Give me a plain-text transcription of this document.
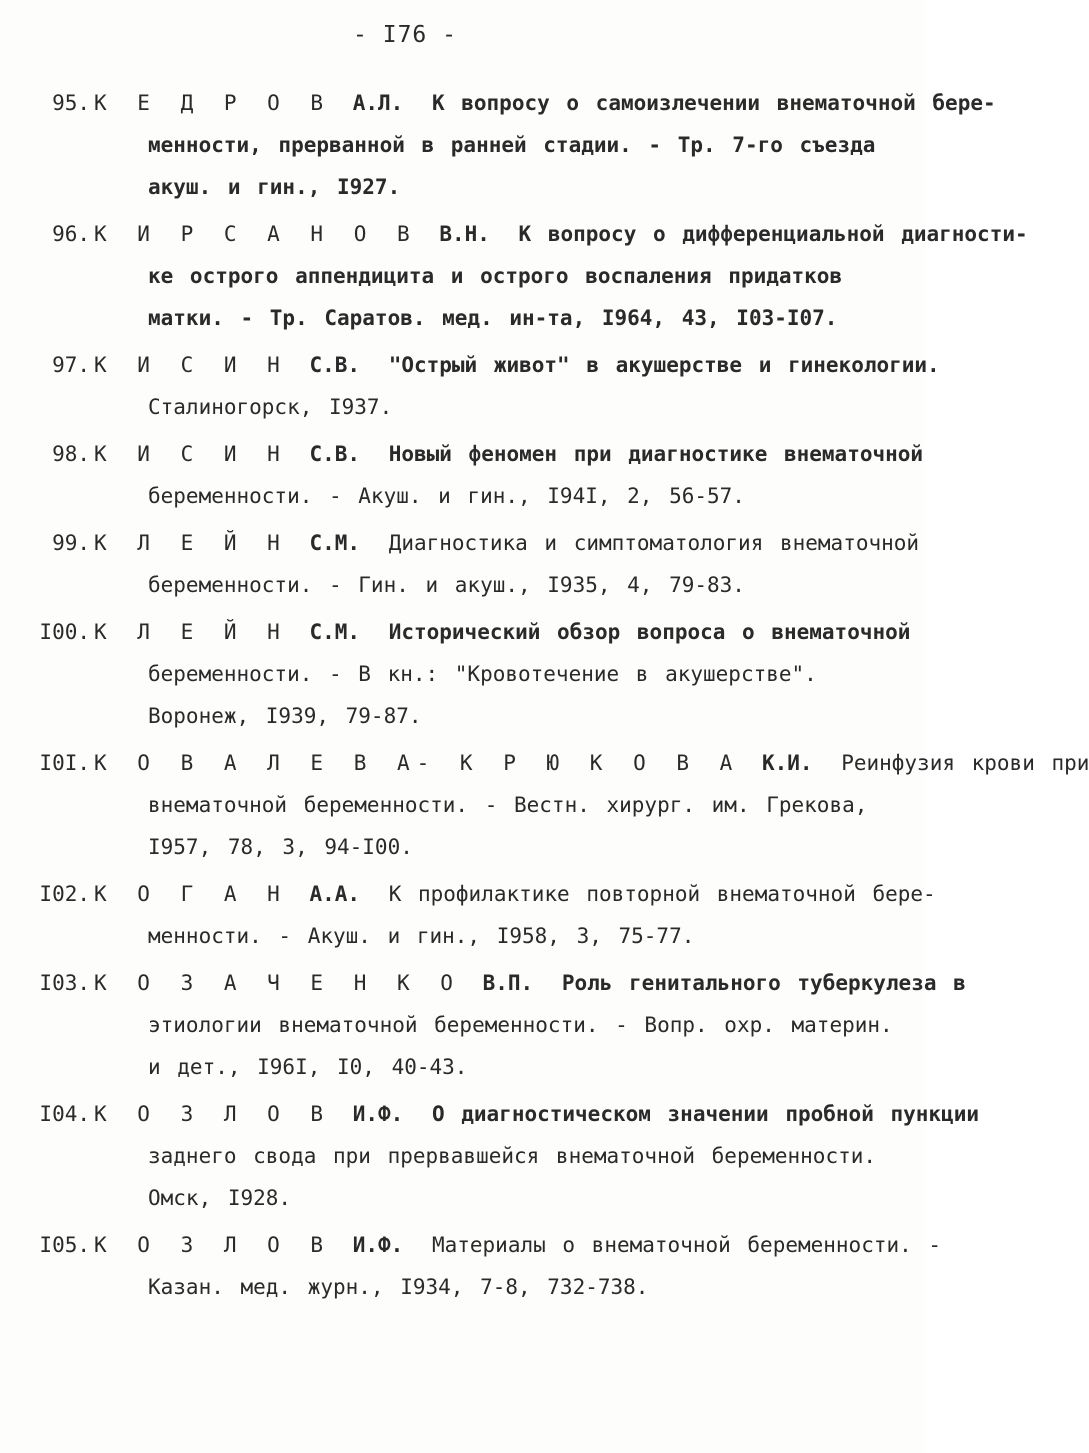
- I76 -
95. К Е Д Р О В А.Л. К вопросу о самоизлечении внематочной бере-
менности, прерванной в ранней стадии. - Тр. 7-го съезда
акуш. и гин., I927.
96. К И Р С А Н О В В.Н. К вопросу о дифференциальной диагности-
ке острого аппендицита и острого воспаления придатков
матки. - Тр. Саратов. мед. ин-та, I964, 43, I03-I07.
97. К И С И Н С.В. "Острый живот" в акушерстве и гинекологии.
Сталиногорск, I937.
98. К И С И Н С.В. Новый феномен при диагностике внематочной
беременности. - Акуш. и гин., I94I, 2, 56-57.
99. К Л Е Й Н С.М. Диагностика и симптоматология внематочной
беременности. - Гин. и акуш., I935, 4, 79-83.
I00. К Л Е Й Н С.М. Исторический обзор вопроса о внематочной
беременности. - В кн.: "Кровотечение в акушерстве".
Воронеж, I939, 79-87.
I0I. К О В А Л Е В А- К Р Ю К О В А К.И. Реинфузия крови при
внематочной беременности. - Вестн. хирург. им. Грекова,
I957, 78, 3, 94-I00.
I02. К О Г А Н А.А. К профилактике повторной внематочной бере-
менности. - Акуш. и гин., I958, 3, 75-77.
I03. К О З А Ч Е Н К О В.П. Роль генитального туберкулеза в
этиологии внематочной беременности. - Вопр. охр. материн.
и дет., I96I, I0, 40-43.
I04. К О З Л О В И.Ф. О диагностическом значении пробной пункции
заднего свода при прервавшейся внематочной беременности.
Омск, I928.
I05. К О З Л О В И.Ф. Материалы о внематочной беременности. -
Казан. мед. журн., I934, 7-8, 732-738.
